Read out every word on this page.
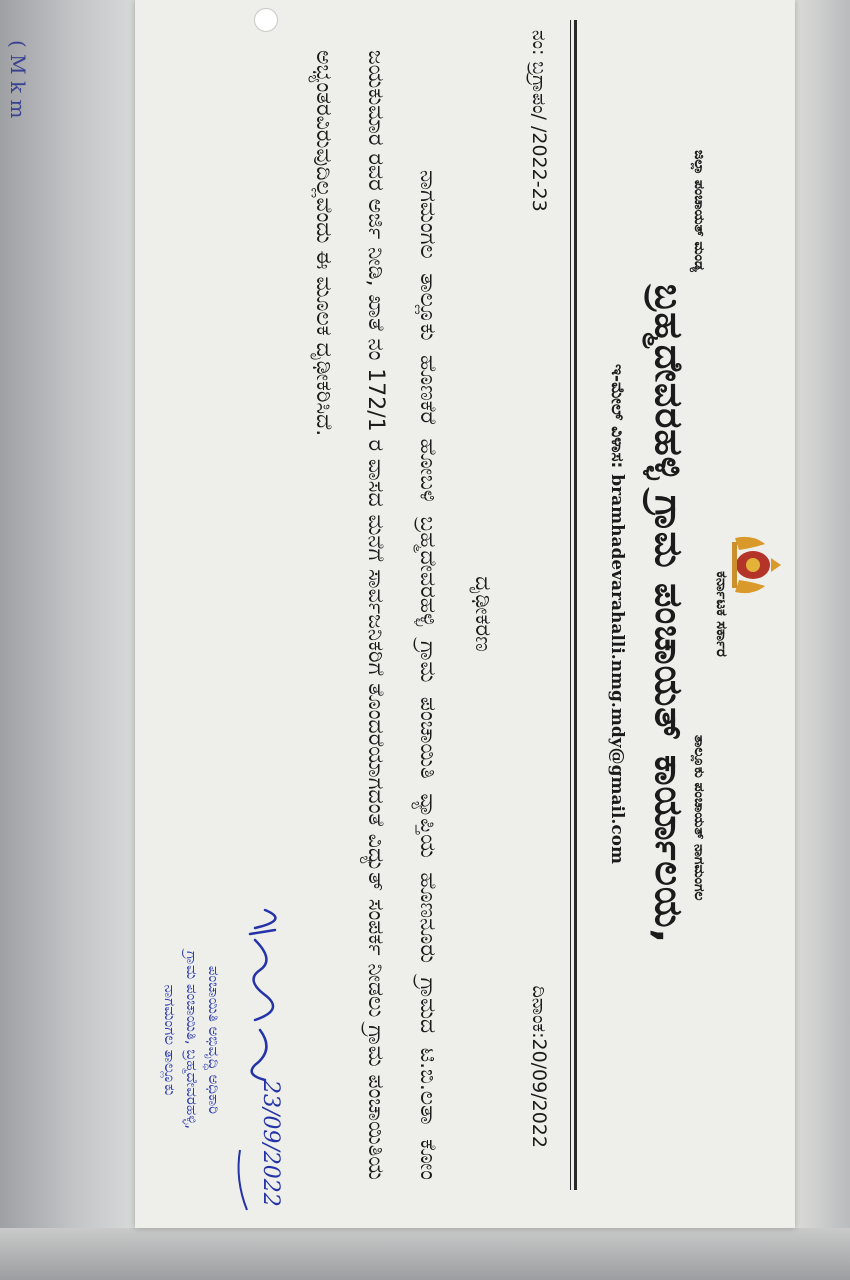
ಕರ್ನಾಟಕ ಸರ್ಕಾರ
ಜಿಲ್ಲಾ ಪಂಚಾಯತ್ ಮಂಡ್ಯ
ತಾಲ್ಲೂಕು ಪಂಚಾಯತ್ ನಾಗಮಂಗಲ
ಬ್ರಹ್ಮದೇವರಹಳ್ಳಿ ಗ್ರಾಮ ಪಂಚಾಯತ್ ಕಾರ್ಯಾಲಯ,
ಇ-ಮೇಲ್ ವಿಳಾಸ: bramhadevarahalli.nmg.mdy@gmail.com
ನಂ: ಬ್ರಗ್ರಾಪಂ/ /2022-23
ದಿನಾಂಕ:20/09/2022
ದೃಢೀಕರಣ
ನಾಗಮಂಗಲ ತಾಲ್ಲೂಕು ಹೊಣಕೆರೆ ಹೋಬಳಿ ಬ್ರಹ್ಮದೇವರಹಳ್ಳಿ ಗ್ರಾಮ ಪಂಚಾಯಿತಿ ವ್ಯಾಪ್ತಿಯ ಹೊಣನೂರು ಗ್ರಾಮದ ಟಿ.ಬಿ.ಲತಾ ಕೋಂ ಜಯಕುಮಾರ ರವರ ಅರ್ಜಿ ನೀಡಿ, ಖಾತೆ ನಂ 172/1 ರ ವಾಸದ ಮನೆಗೆ ಸಾರ್ವಜನಿಕರಿಗೆ ತೊಂದರೆಯಾಗದಂತೆ ವಿದ್ಯುತ್ ಸಂಪರ್ಕ ನೀಡಲು ಗ್ರಾಮ ಪಂಚಾಯಿತಿಯ ಅಭ್ಯಂತರವಿರುವುದಿಲ್ಲವೆಂದು ಈ ಮೂಲಕ ದೃಢೀಕರಿಸಿದೆ.
23/09/2022
ಪಂಚಾಯಿತಿ ಅಭಿವೃದ್ಧಿ ಅಧಿಕಾರಿ
ಗ್ರಾಮ ಪಂಚಾಯಿತಿ, ಬ್ರಹ್ಮದೇವರಹಳ್ಳಿ,
ನಾಗಮಂಗಲ ತಾಲ್ಲೂಕು
